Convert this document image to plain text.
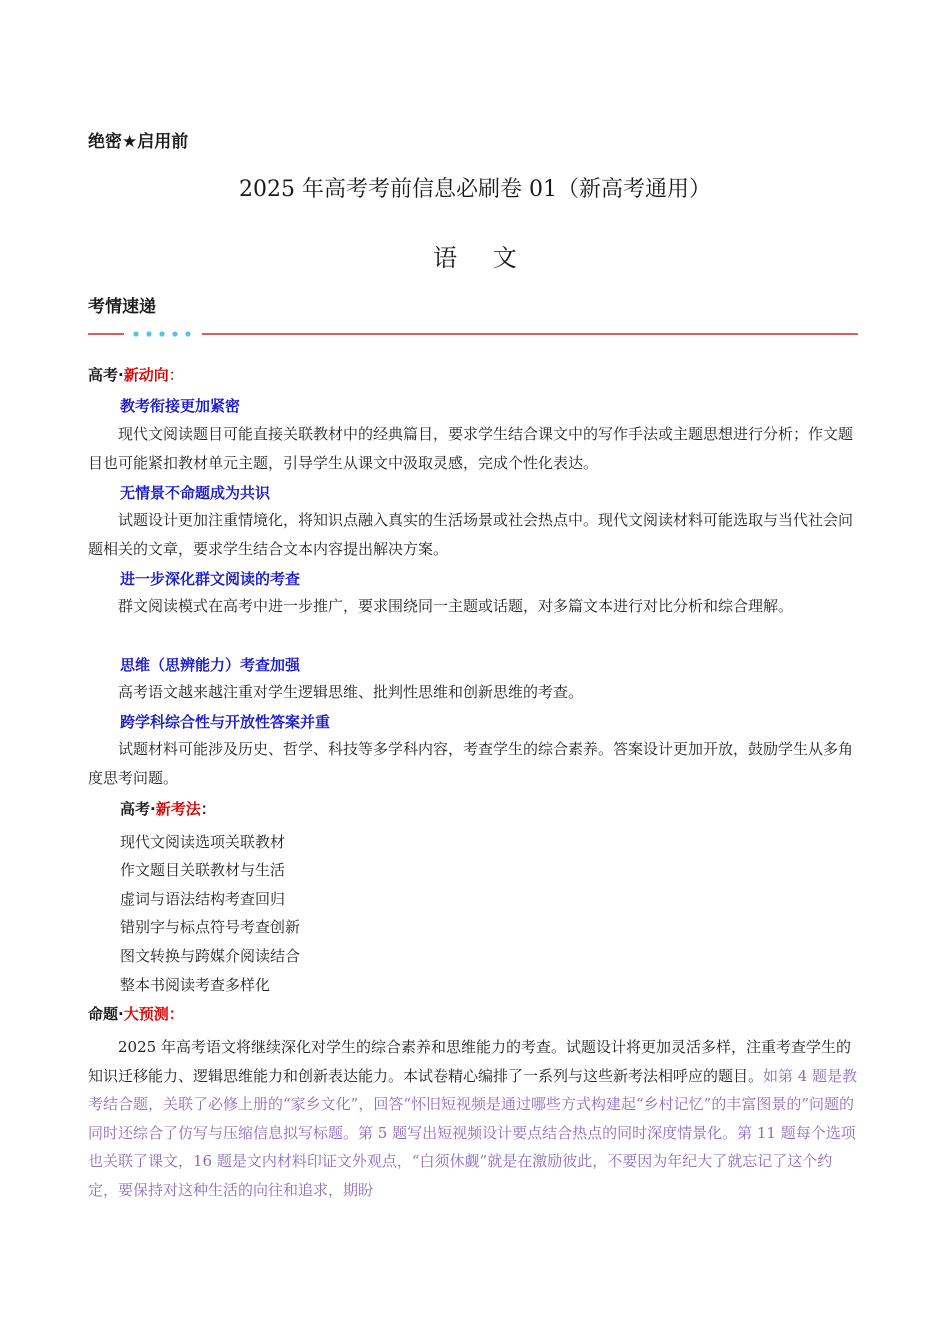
绝密★启用前
2025 年高考考前信息必刷卷 01（新高考通用）
语 文
考情速递
高考·新动向：
教考衔接更加紧密
现代文阅读题目可能直接关联教材中的经典篇目，要求学生结合课文中的写作手法或主题思想进行分析；作文题目也可能紧扣教材单元主题，引导学生从课文中汲取灵感，完成个性化表达。
无情景不命题成为共识
试题设计更加注重情境化，将知识点融入真实的生活场景或社会热点中。现代文阅读材料可能选取与当代社会问题相关的文章，要求学生结合文本内容提出解决方案。
进一步深化群文阅读的考查
群文阅读模式在高考中进一步推广，要求围绕同一主题或话题，对多篇文本进行对比分析和综合理解。
思维（思辨能力）考查加强
高考语文越来越注重对学生逻辑思维、批判性思维和创新思维的考查。
跨学科综合性与开放性答案并重
试题材料可能涉及历史、哲学、科技等多学科内容，考查学生的综合素养。答案设计更加开放，鼓励学生从多角度思考问题。
高考·新考法：
现代文阅读选项关联教材
作文题目关联教材与生活
虚词与语法结构考查回归
错别字与标点符号考查创新
图文转换与跨媒介阅读结合
整本书阅读考查多样化
命题·大预测：
2025 年高考语文将继续深化对学生的综合素养和思维能力的考查。试题设计将更加灵活多样，注重考查学生的知识迁移能力、逻辑思维能力和创新表达能力。本试卷精心编排了一系列与这些新考法相呼应的题目。如第 4 题是教考结合题，关联了必修上册的“家乡文化”，回答“怀旧短视频是通过哪些方式构建起“乡村记忆”的丰富图景的”问题的同时还综合了仿写与压缩信息拟写标题。第 5 题写出短视频设计要点结合热点的同时深度情景化。第 11 题每个选项也关联了课文，16 题是文内材料印证文外观点，“白须休觑”就是在激励彼此，不要因为年纪大了就忘记了这个约定，要保持对这种生活的向往和追求，期盼
